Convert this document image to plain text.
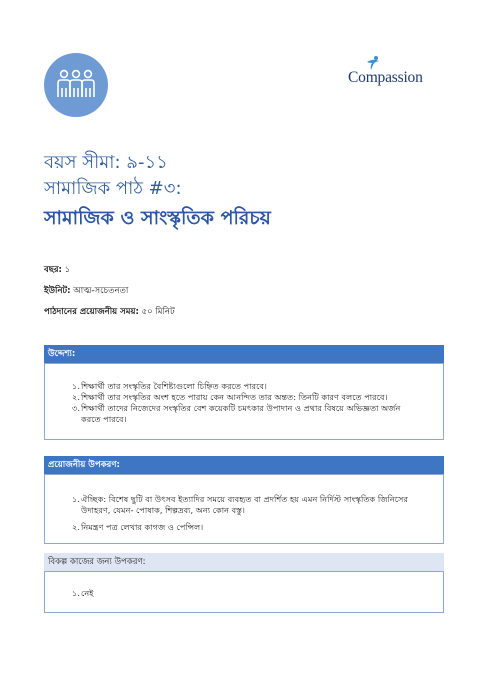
Compassion
বয়স সীমা: ৯-১১
সামাজিক পাঠ #৩:
সামাজিক ও সাংস্কৃতিক পরিচয়
বছর: ১
ইউনিট: আত্ম-সচেতনতা
পাঠদানের প্রয়োজনীয় সময়: ৫০ মিনিট
উদ্দেশ্য:
১. শিক্ষার্থী তার সংস্কৃতির বৈশিষ্ট্যগুলো চিহ্নিত করতে পারবে।
২. শিক্ষার্থী তার সংস্কৃতির অংশ হতে পারায় কেন আনন্দিত তার অন্তত: তিনটি কারণ বলতে পারবে।
৩. শিক্ষার্থী তাদের নিজেদের সংস্কৃতির বেশ কয়েকটি চমৎকার উপাদান ও প্রথার বিষয়ে অভিজ্ঞতা অর্জন করতে পারবে।
প্রয়োজনীয় উপকরণ:
১. ঐচ্ছিক: বিশেষ ছুটি বা উৎসব ইত্যাদির সময়ে ব্যবহৃত বা প্রদর্শিত হয় এমন নির্দিস্ট সাংস্কৃতিক জিনিসের উদাহরণ, যেমন- পোষাক, শিল্পদ্রব্য, অন্য কোন বস্তু।
২. নিমন্ত্রণ পত্র লেখার কাগজ ও পেন্সিল।
বিকল্প কাজের জন্য উপকরণ:
১. নেই
